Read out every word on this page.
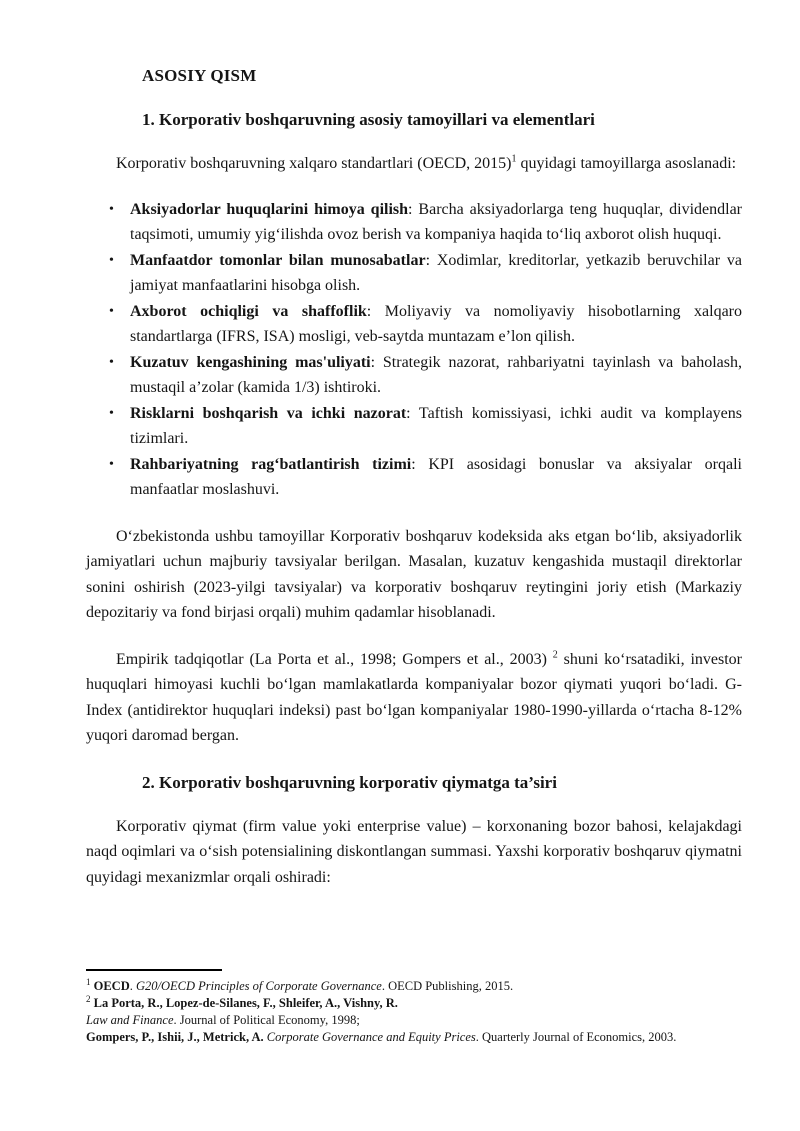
ASOSIY QISM
1. Korporativ boshqaruvning asosiy tamoyillari va elementlari

Korporativ boshqaruvning xalqaro standartlari (OECD, 2015)$^1$ quyidagi tamoyillarga asoslanadi:

• Aksiyadorlar huquqlarini himoya qilish: Barcha aksiyadorlarga teng huquqlar, dividendlar taqsimoti, umumiy yig‘ilishda ovoz berish va kompaniya haqida to‘liq axborot olish huquqi.
• Manfaatdor tomonlar bilan munosabatlar: Xodimlar, kreditorlar, yetkazib beruvchilar va jamiyat manfaatlarini hisobga olish.
• Axborot ochiqligi va shaffoflik: Moliyaviy va nomoliyaviy hisobotlarning xalqaro standartlarga (IFRS, ISA) mosligi, veb-saytda muntazam e’lon qilish.
• Kuzatuv kengashining mas'uliyati: Strategik nazorat, rahbariyatni tayinlash va baholash, mustaqil a’zolar (kamida 1/3) ishtiroki.
• Risklarni boshqarish va ichki nazorat: Taftish komissiyasi, ichki audit va komplayens tizimlari.
• Rahbariyatning rag‘batlantirish tizimi: KPI asosidagi bonuslar va aksiyalar orqali manfaatlar moslashuvi.

O‘zbekistonda ushbu tamoyillar Korporativ boshqaruv kodeksida aks etgan bo‘lib, aksiyadorlik jamiyatlari uchun majburiy tavsiyalar berilgan. Masalan, kuzatuv kengashida mustaqil direktorlar sonini oshirish (2023-yilgi tavsiyalar) va korporativ boshqaruv reytingini joriy etish (Markaziy depozitariy va fond birjasi orqali) muhim qadamlar hisoblanadi.

Empirik tadqiqotlar (La Porta et al., 1998; Gompers et al., 2003) $^2$ shuni ko‘rsatadiki, investor huquqlari himoyasi kuchli bo‘lgan mamlakatlarda kompaniyalar bozor qiymati yuqori bo‘ladi. G-Index (antidirektor huquqlari indeksi) past bo‘lgan kompaniyalar 1980-1990-yillarda o‘rtacha 8-12% yuqori daromad bergan.

2. Korporativ boshqaruvning korporativ qiymatga ta’siri

Korporativ qiymat (firm value yoki enterprise value) – korxonaning bozor bahosi, kelajakdagi naqd oqimlari va o‘sish potensialining diskontlangan summasi. Yaxshi korporativ boshqaruv qiymatni quyidagi mexanizmlar orqali oshiradi:

$^1$ OECD. G20/OECD Principles of Corporate Governance. OECD Publishing, 2015.

$^2$ La Porta, R., Lopez-de-Silanes, F., Shleifer, A., Vishny, R.

Law and Finance. Journal of Political Economy, 1998;

Gompers, P., Ishii, J., Metrick, A. Corporate Governance and Equity Prices. Quarterly Journal of Economics, 2003.
